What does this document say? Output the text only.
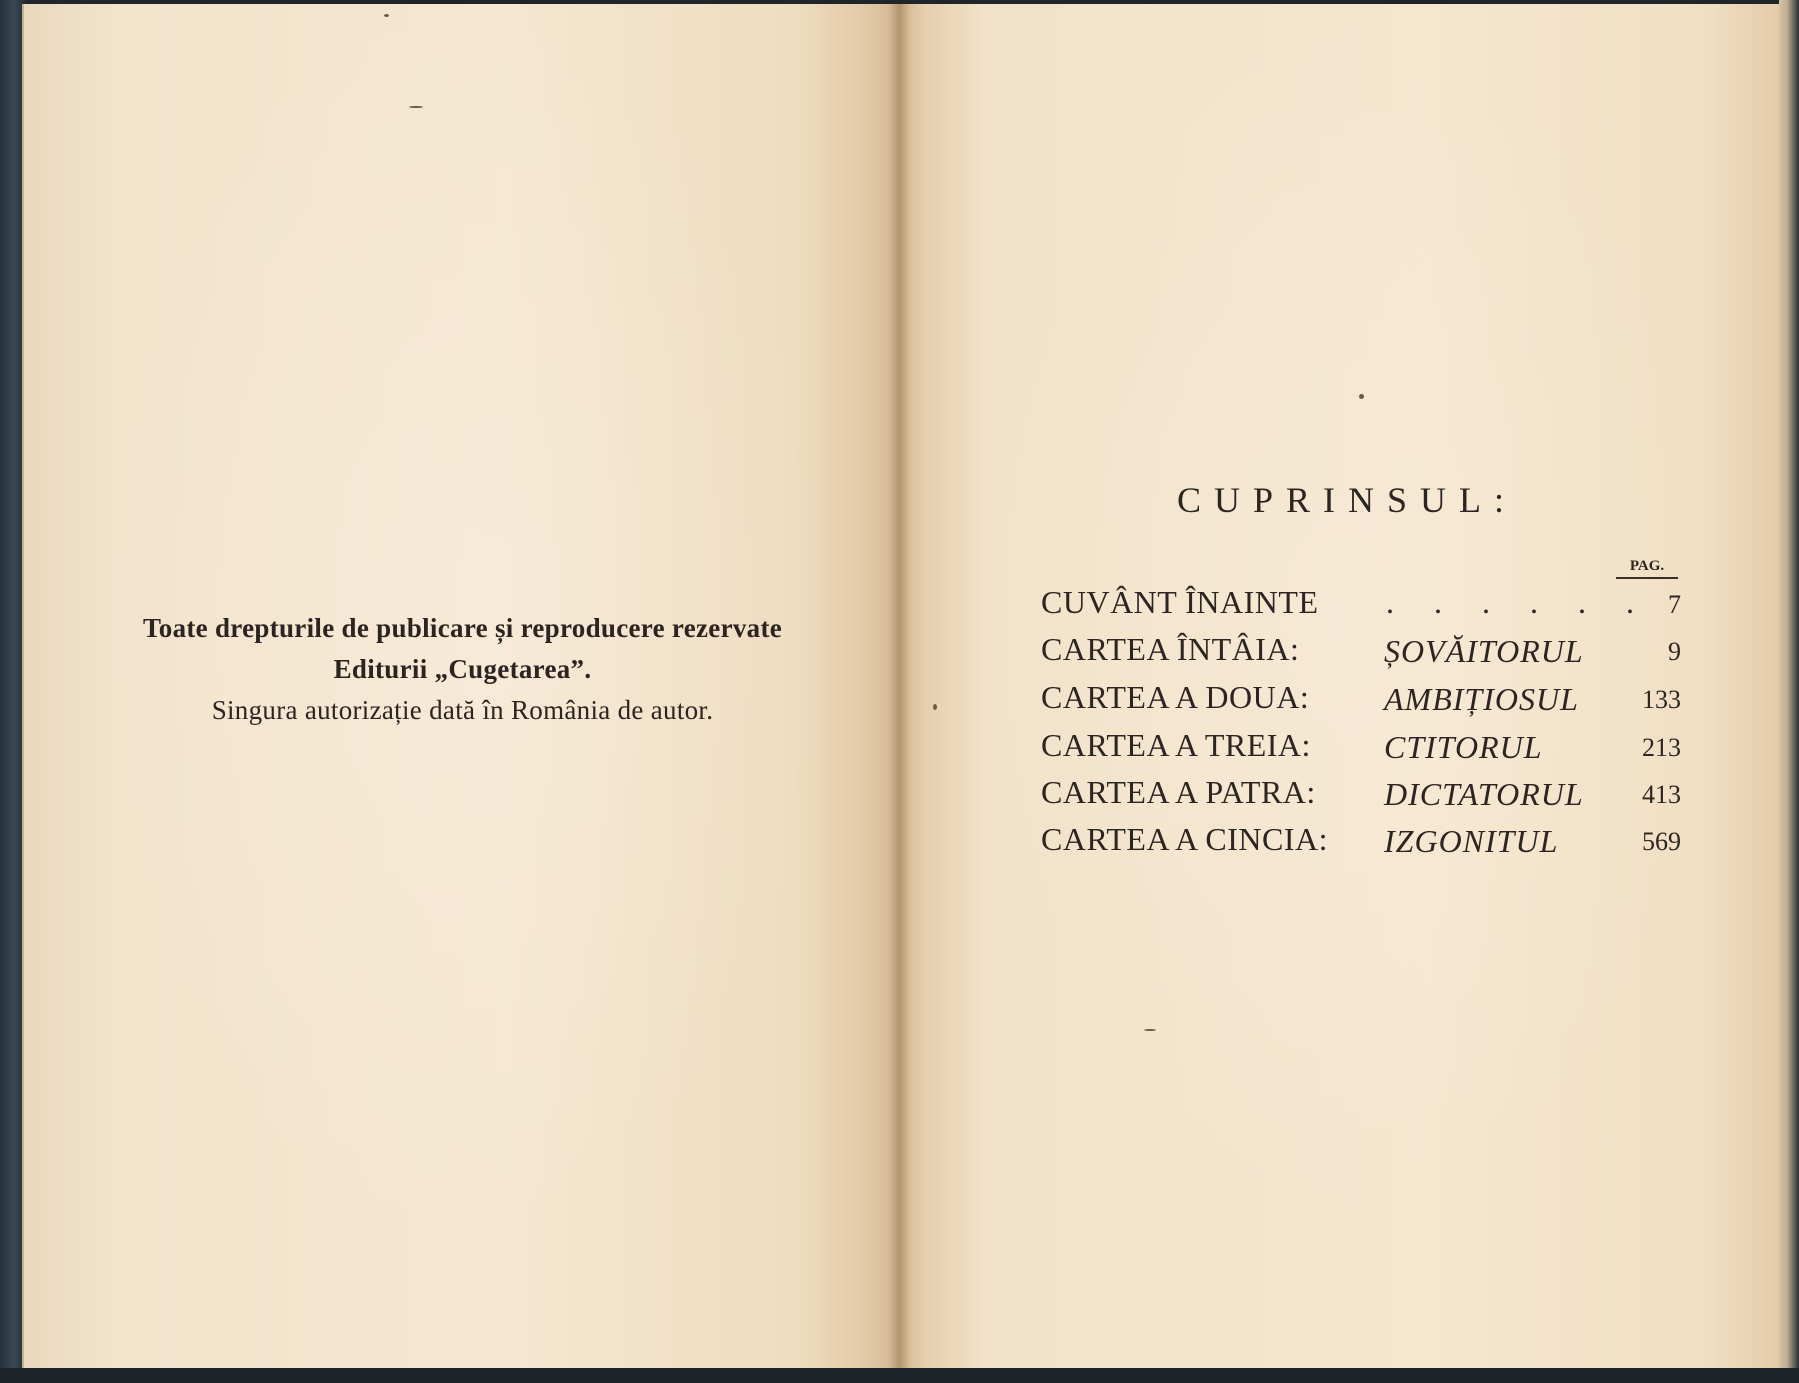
Toate drepturile de publicare și reproducere rezervate
Editurii „Cugetarea”.
Singura autorizație dată în România de autor.
CUPRINSUL:
PAG.
CUVÂNT ÎNAINTE . . . . . . 7
CARTEA ÎNTÂIA:	ȘOVĂITORUL	9
CARTEA A DOUA: AMBIȚIOSUL 133
CARTEA A TREIA: CTITORUL	213
CARTEA A PATRA: DICTATORUL 413
CARTEA A CINCIA: IZGONITUL	569
